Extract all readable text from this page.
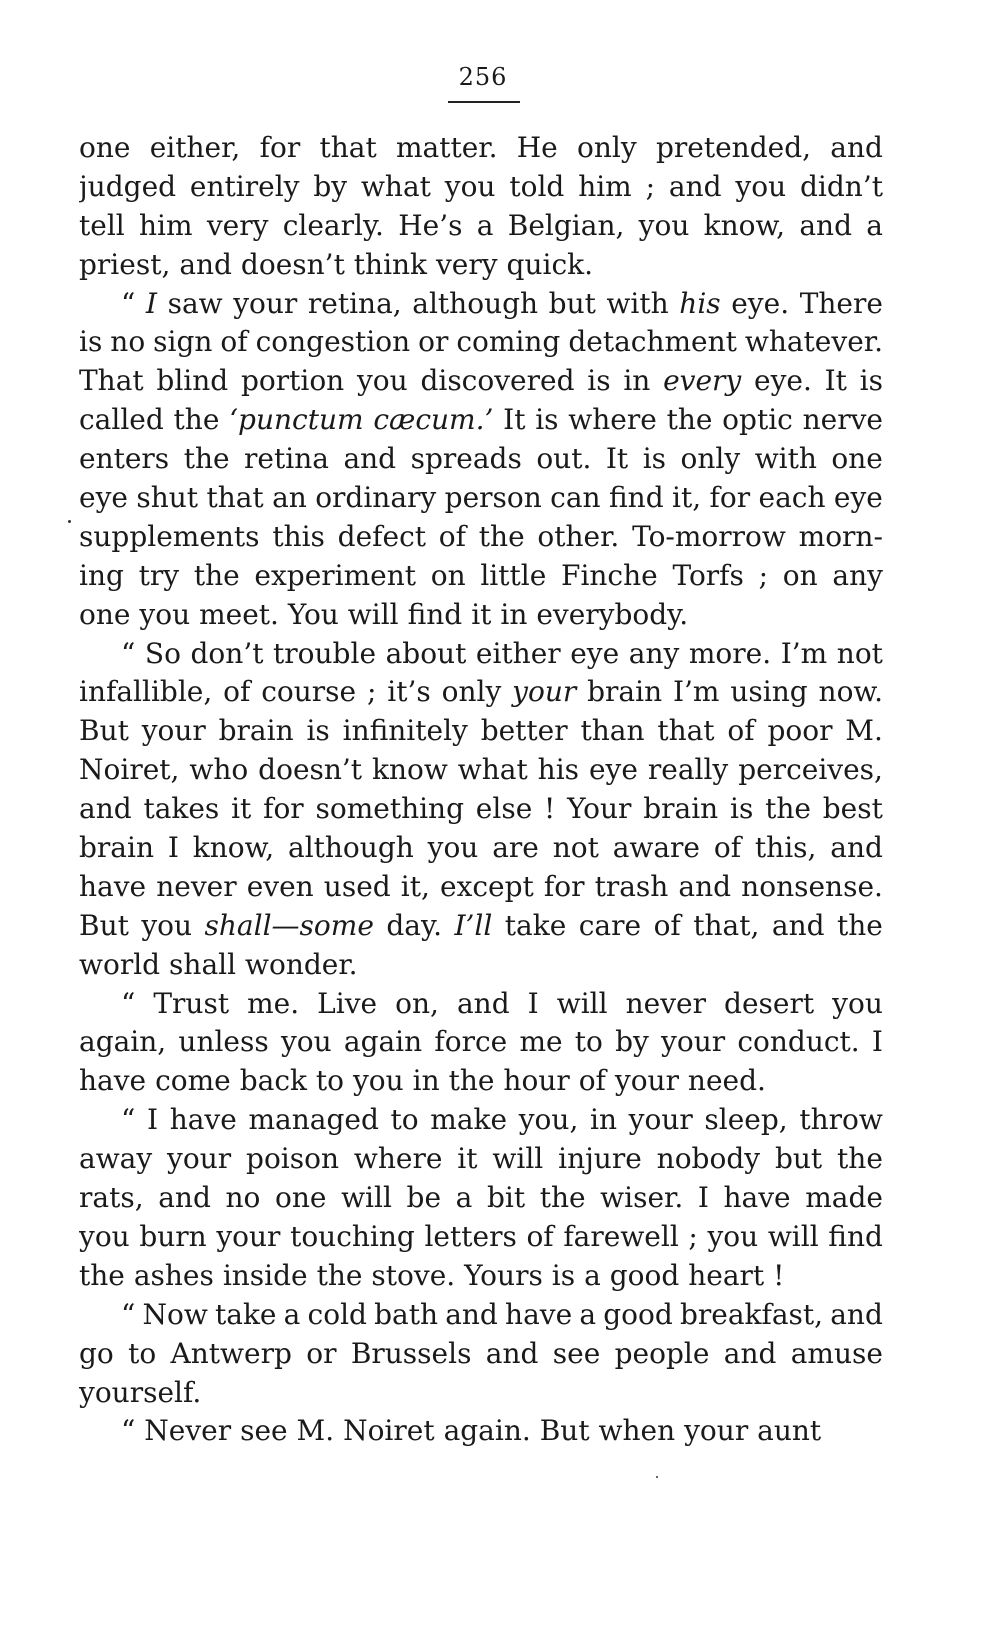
256
one either, for that matter. He only pretended, and
judged entirely by what you told him ; and you didn’t
tell him very clearly. He’s a Belgian, you know, and a
priest, and doesn’t think very quick.
“ I saw your retina, although but with his eye. There
is no sign of congestion or coming detachment whatever.
That blind portion you discovered is in every eye. It is
called the ‘punctum cæcum.’ It is where the optic nerve
enters the retina and spreads out. It is only with one
eye shut that an ordinary person can find it, for each eye
supplements this defect of the other. To-morrow morn-
ing try the experiment on little Finche Torfs ; on any
one you meet. You will find it in everybody.
“ So don’t trouble about either eye any more. I’m not
infallible, of course ; it’s only your brain I’m using now.
But your brain is infinitely better than that of poor M.
Noiret, who doesn’t know what his eye really perceives,
and takes it for something else ! Your brain is the best
brain I know, although you are not aware of this, and
have never even used it, except for trash and nonsense.
But you shall—some day. I’ll take care of that, and the
world shall wonder.
“ Trust me. Live on, and I will never desert you
again, unless you again force me to by your conduct. I
have come back to you in the hour of your need.
“ I have managed to make you, in your sleep, throw
away your poison where it will injure nobody but the
rats, and no one will be a bit the wiser. I have made
you burn your touching letters of farewell ; you will find
the ashes inside the stove. Yours is a good heart !
“ Now take a cold bath and have a good breakfast, and
go to Antwerp or Brussels and see people and amuse
yourself.
“ Never see M. Noiret again. But when your aunt
